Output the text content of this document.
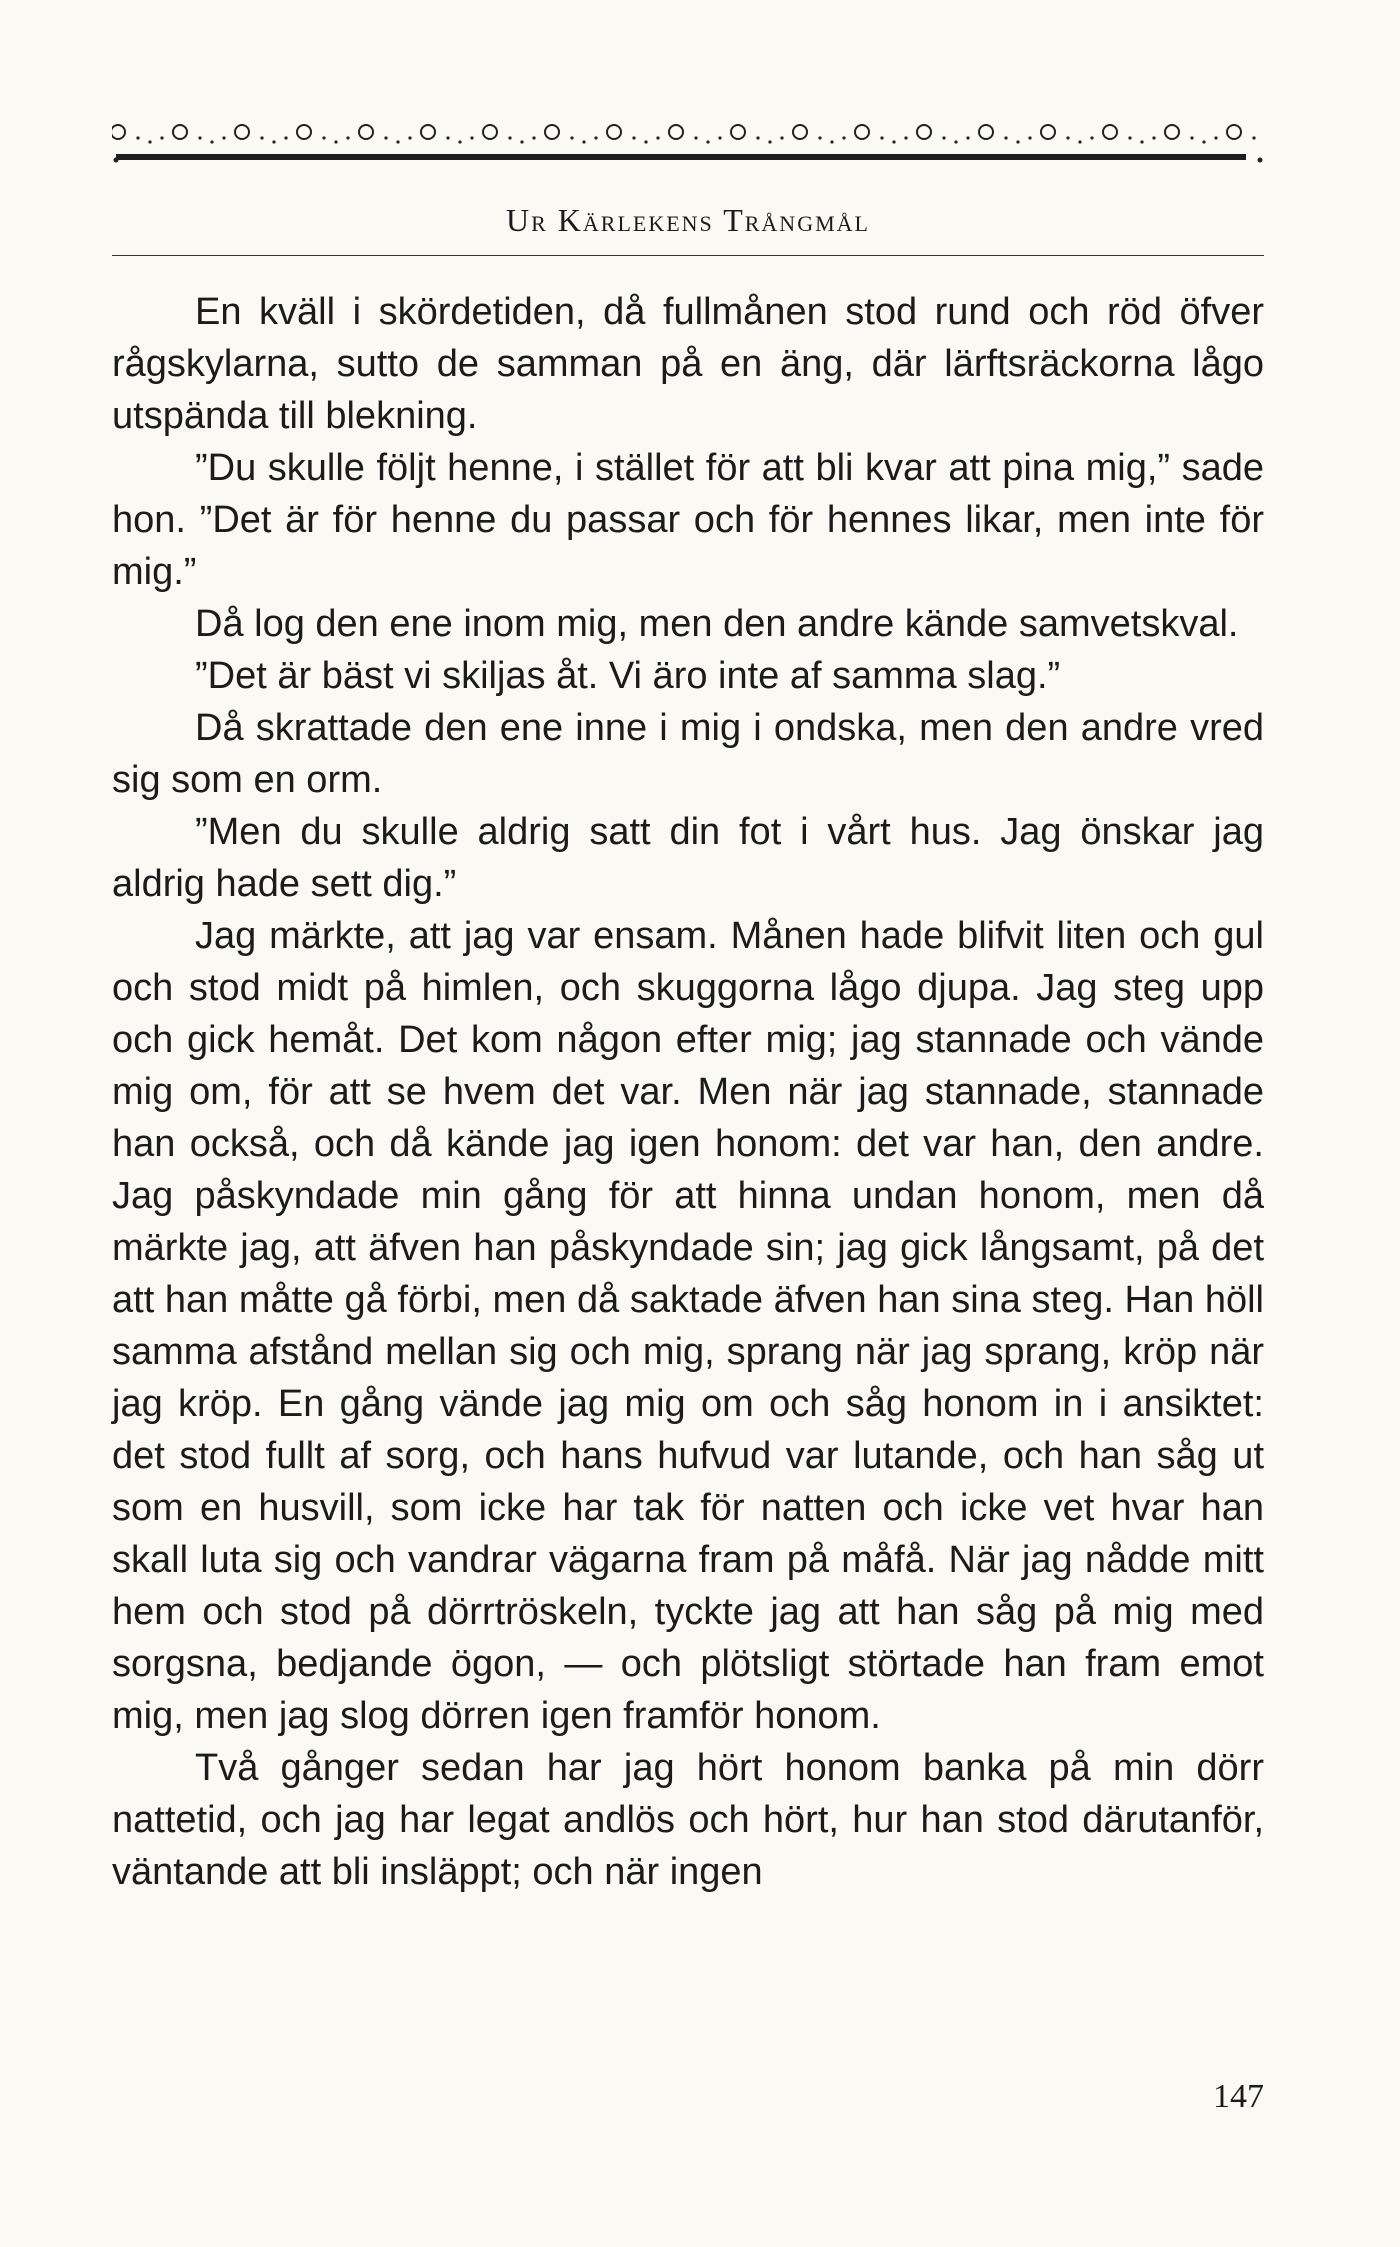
Ur Kärlekens Trångmål

En kväll i skördetiden, då fullmånen stod rund och röd öfver rågskylarna, sutto de samman på en äng, där lärftsräckorna lågo utspända till blekning.

”Du skulle följt henne, i stället för att bli kvar att pina mig,” sade hon. ”Det är för henne du passar och för hennes likar, men inte för mig.”

Då log den ene inom mig, men den andre kände samvetskval.

”Det är bäst vi skiljas åt. Vi äro inte af samma slag.”

Då skrattade den ene inne i mig i ondska, men den andre vred sig som en orm.

”Men du skulle aldrig satt din fot i vårt hus. Jag önskar jag aldrig hade sett dig.”

Jag märkte, att jag var ensam. Månen hade blifvit liten och gul och stod midt på himlen, och skuggorna lågo djupa. Jag steg upp och gick hemåt. Det kom någon efter mig; jag stannade och vände mig om, för att se hvem det var. Men när jag stannade, stannade han också, och då kände jag igen honom: det var han, den andre. Jag påskyndade min gång för att hinna undan honom, men då märkte jag, att äfven han påskyndade sin; jag gick långsamt, på det att han måtte gå förbi, men då saktade äfven han sina steg. Han höll samma afstånd mellan sig och mig, sprang när jag sprang, kröp när jag kröp. En gång vände jag mig om och såg honom in i ansiktet: det stod fullt af sorg, och hans hufvud var lutande, och han såg ut som en husvill, som icke har tak för natten och icke vet hvar han skall luta sig och vandrar vägarna fram på måfå. När jag nådde mitt hem och stod på dörrtröskeln, tyckte jag att han såg på mig med sorgsna, bedjande ögon, — och plötsligt störtade han fram emot mig, men jag slog dörren igen framför honom.

Två gånger sedan har jag hört honom banka på min dörr nattetid, och jag har legat andlös och hört, hur han stod därutanför, väntande att bli insläppt; och när ingen

147
